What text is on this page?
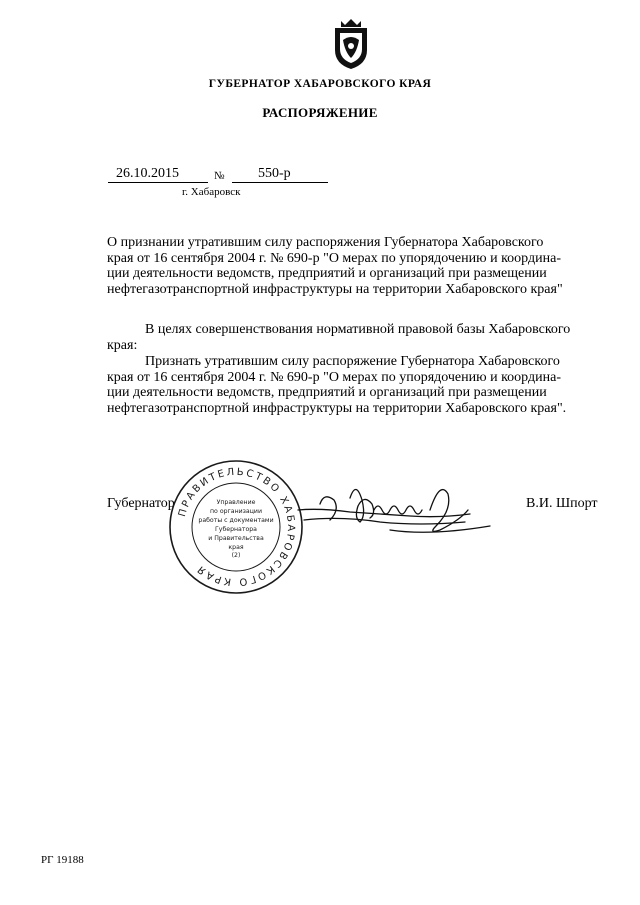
ГУБЕРНАТОР ХАБАРОВСКОГО КРАЯ
РАСПОРЯЖЕНИЕ
26.10.2015	№	550-р
г. Хабаровск
О признании утратившим силу распоряжения Губернатора Хабаровского
края от 16 сентября 2004 г. № 690-р "О мерах по упорядочению и координа-
ции деятельности ведомств, предприятий и организаций при размещении
нефтегазотранспортной инфраструктуры на территории Хабаровского края"
В целях совершенствования нормативной правовой базы Хабаровского
края:
Признать утратившим силу распоряжение Губернатора Хабаровского
края от 16 сентября 2004 г. № 690-р "О мерах по упорядочению и координа-
ции деятельности ведомств, предприятий и организаций при размещении
нефтегазотранспортной инфраструктуры на территории Хабаровского края".
Губернатор	В.И. Шпорт
ПРАВИТЕЛЬСТВО ХАБАРОВСКОГО КРАЯ
Управление
по организации
работы с документами
Губернатора
и Правительства
края
(2)
РГ 19188
